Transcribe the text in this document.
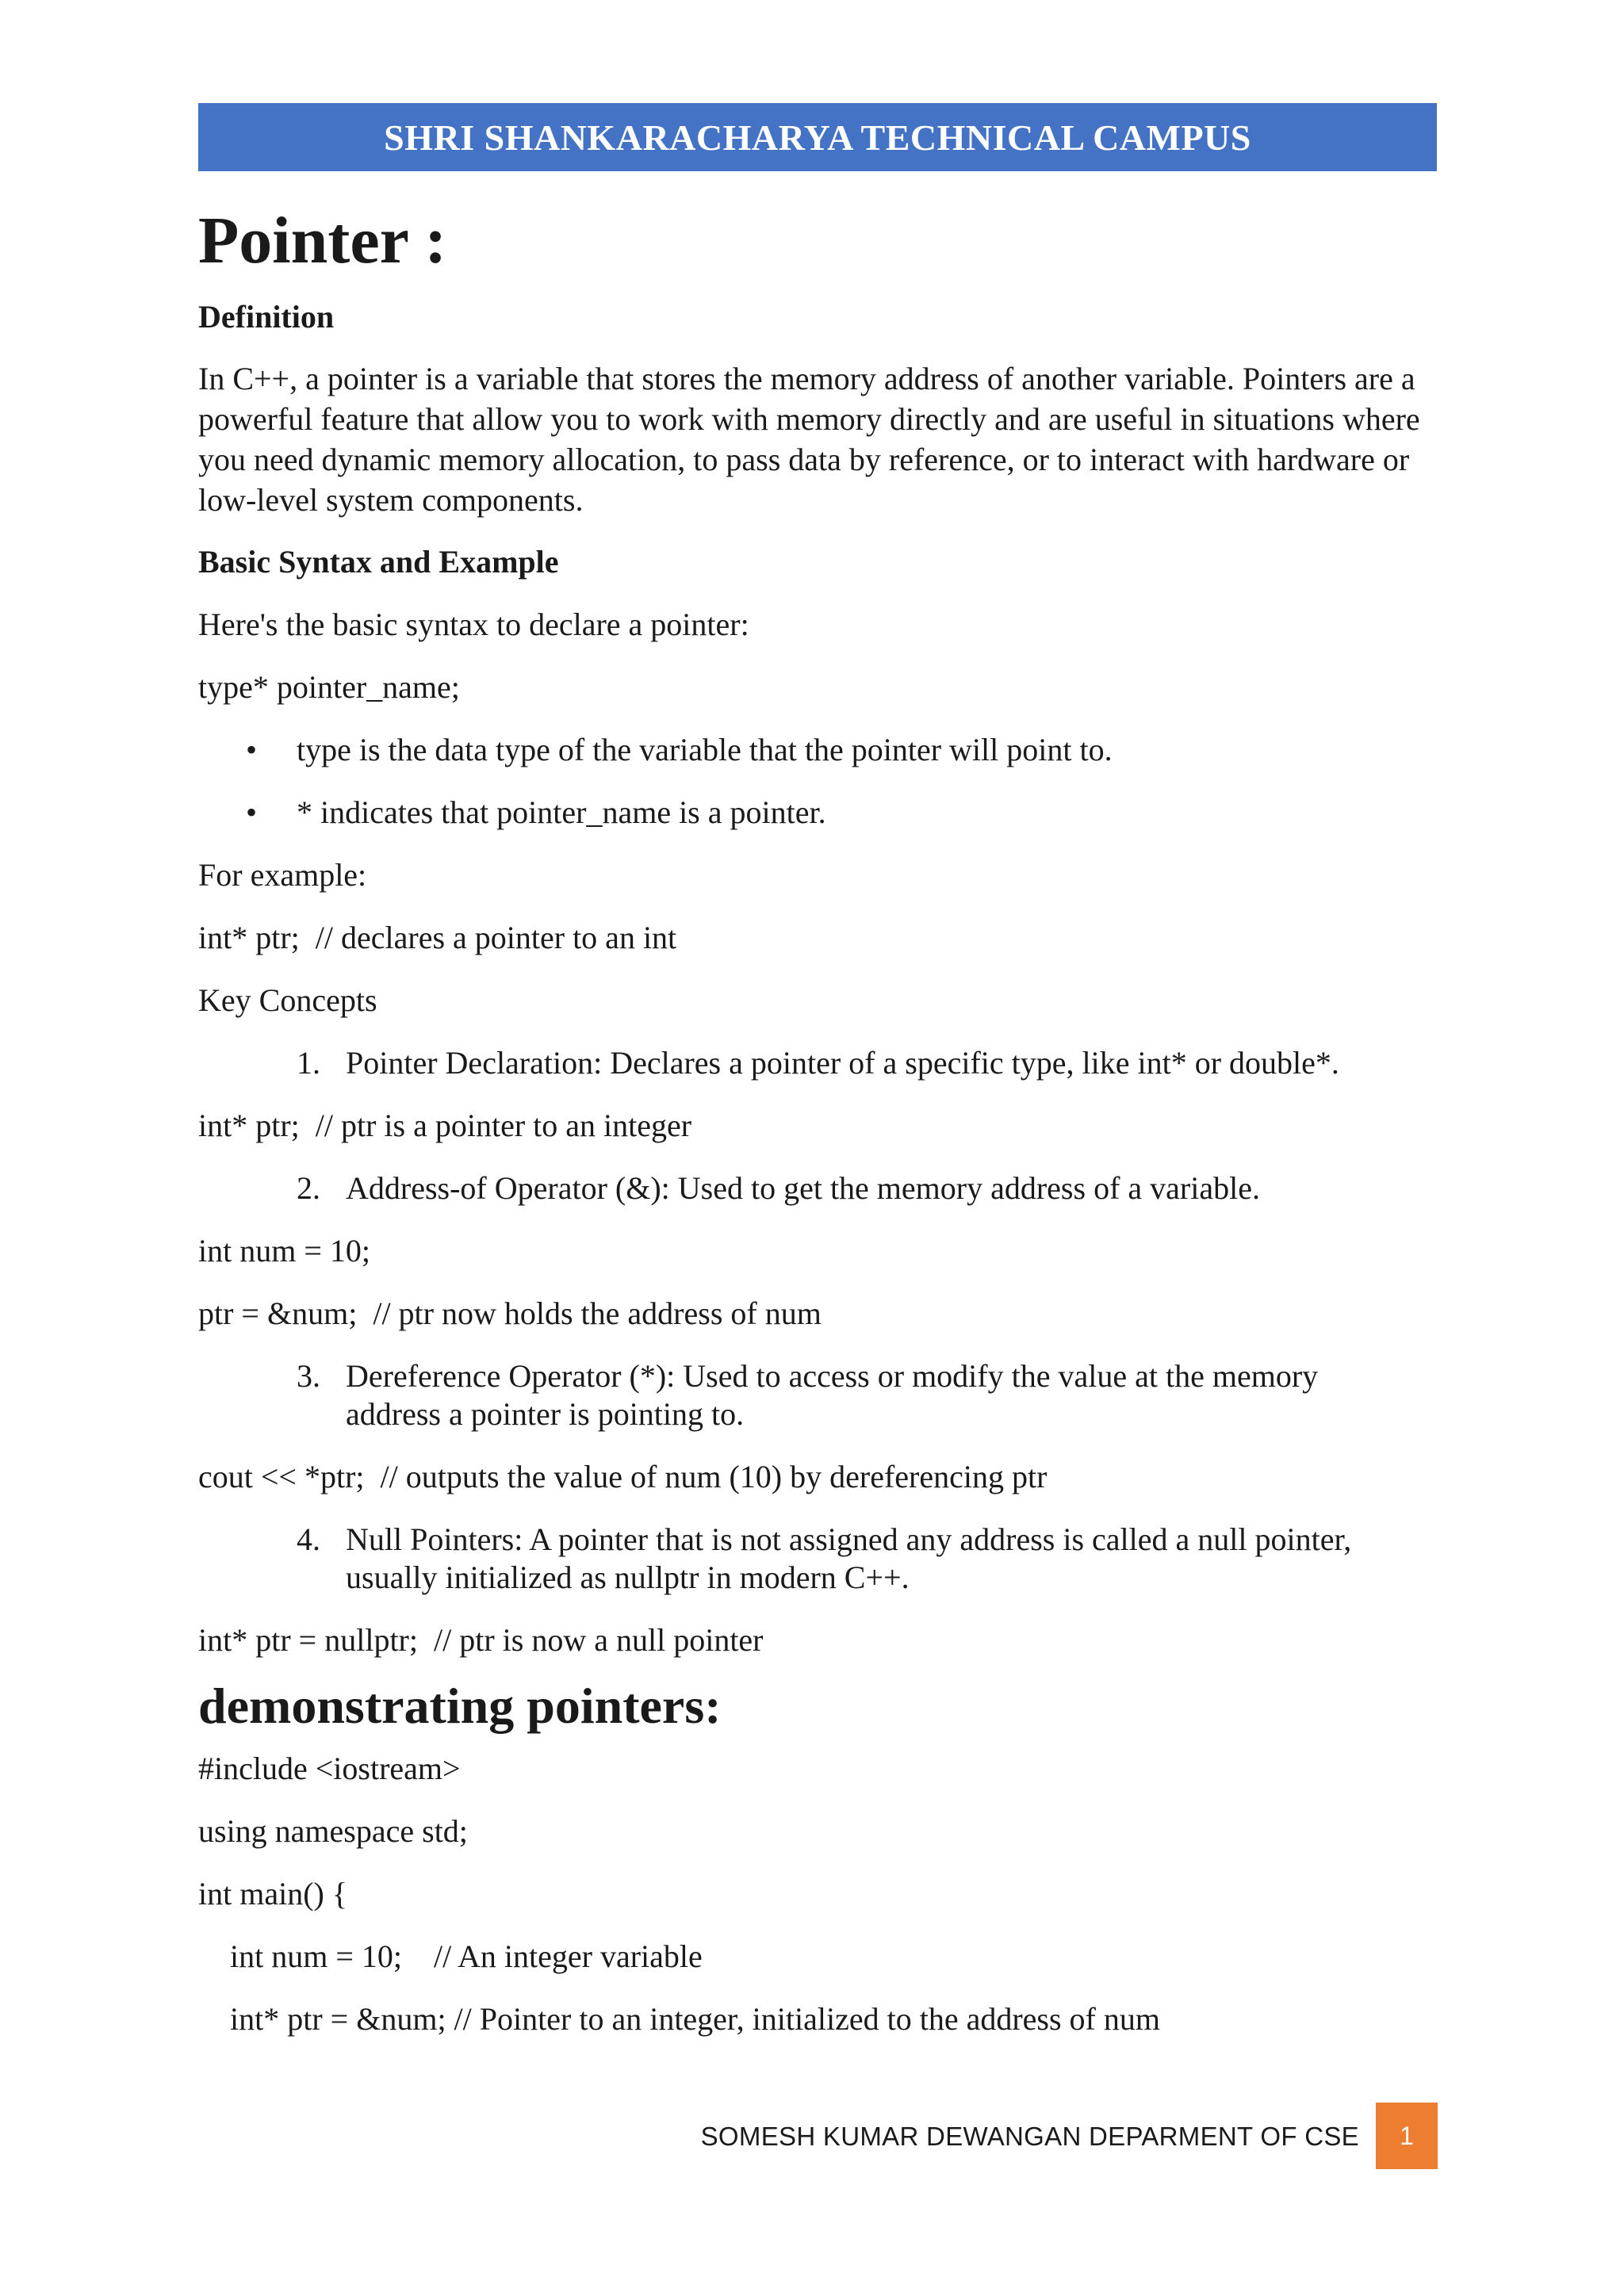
SHRI SHANKARACHARYA TECHNICAL CAMPUS
Pointer :

Definition

In C++, a pointer is a variable that stores the memory address of another variable. Pointers are a powerful feature that allow you to work with memory directly and are useful in situations where you need dynamic memory allocation, to pass data by reference, or to interact with hardware or low-level system components.

Basic Syntax and Example

Here's the basic syntax to declare a pointer:

type* pointer_name;

• type is the data type of the variable that the pointer will point to.
• * indicates that pointer_name is a pointer.

For example:

int* ptr;  // declares a pointer to an int

Key Concepts

1. Pointer Declaration: Declares a pointer of a specific type, like int* or double*.

int* ptr;  // ptr is a pointer to an integer

2. Address-of Operator (&): Used to get the memory address of a variable.

int num = 10;

ptr = &num;  // ptr now holds the address of num

3. Dereference Operator (*): Used to access or modify the value at the memory
address a pointer is pointing to.

cout << *ptr;  // outputs the value of num (10) by dereferencing ptr

4. Null Pointers: A pointer that is not assigned any address is called a null pointer,
usually initialized as nullptr in modern C++.

int* ptr = nullptr;  // ptr is now a null pointer

demonstrating pointers:

#include <iostream>

using namespace std;

int main() {

int num = 10;    // An integer variable

int* ptr = &num; // Pointer to an integer, initialized to the address of num

SOMESH KUMAR DEWANGAN DEPARMENT OF CSE 1
